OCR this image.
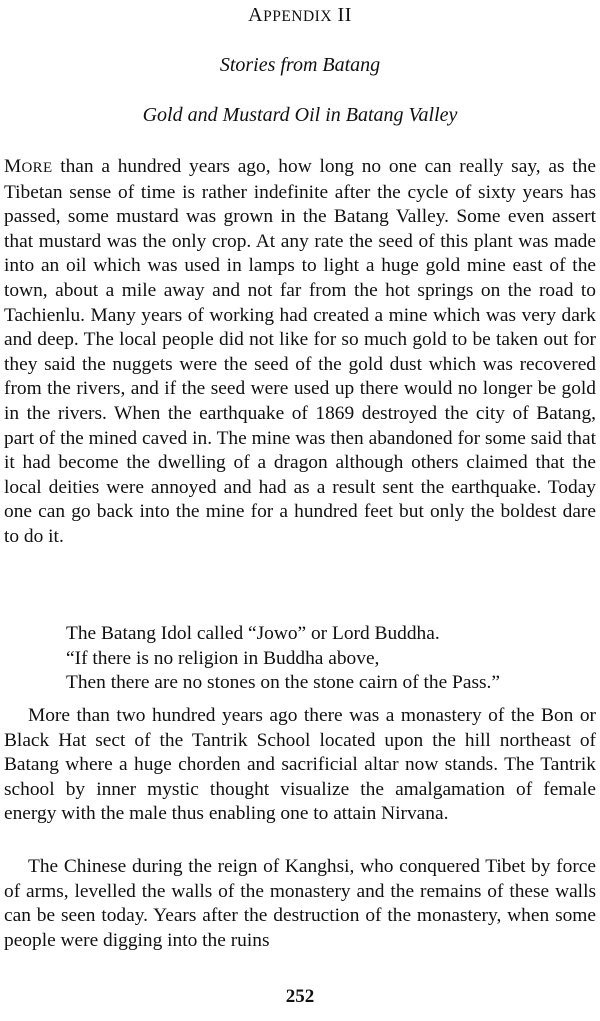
APPENDIX II
Stories from Batang
Gold and Mustard Oil in Batang Valley
MORE than a hundred years ago, how long no one can really say, as the Tibetan sense of time is rather indefinite after the cycle of sixty years has passed, some mustard was grown in the Batang Valley. Some even assert that mustard was the only crop. At any rate the seed of this plant was made into an oil which was used in lamps to light a huge gold mine east of the town, about a mile away and not far from the hot springs on the road to Tachienlu. Many years of working had created a mine which was very dark and deep. The local people did not like for so much gold to be taken out for they said the nuggets were the seed of the gold dust which was recovered from the rivers, and if the seed were used up there would no longer be gold in the rivers. When the earthquake of 1869 destroyed the city of Batang, part of the mined caved in. The mine was then abandoned for some said that it had become the dwelling of a dragon although others claimed that the local deities were annoyed and had as a result sent the earthquake. Today one can go back into the mine for a hundred feet but only the boldest dare to do it.
The Batang Idol called “Jowo” or Lord Buddha.
“If there is no religion in Buddha above,
Then there are no stones on the stone cairn of the Pass.”
More than two hundred years ago there was a monastery of the Bon or Black Hat sect of the Tantrik School located upon the hill northeast of Batang where a huge chorden and sacrificial altar now stands. The Tantrik school by inner mystic thought visualize the amalgamation of female energy with the male thus enabling one to attain Nirvana.
The Chinese during the reign of Kanghsi, who conquered Tibet by force of arms, levelled the walls of the monastery and the remains of these walls can be seen today. Years after the destruction of the monastery, when some people were digging into the ruins
252
